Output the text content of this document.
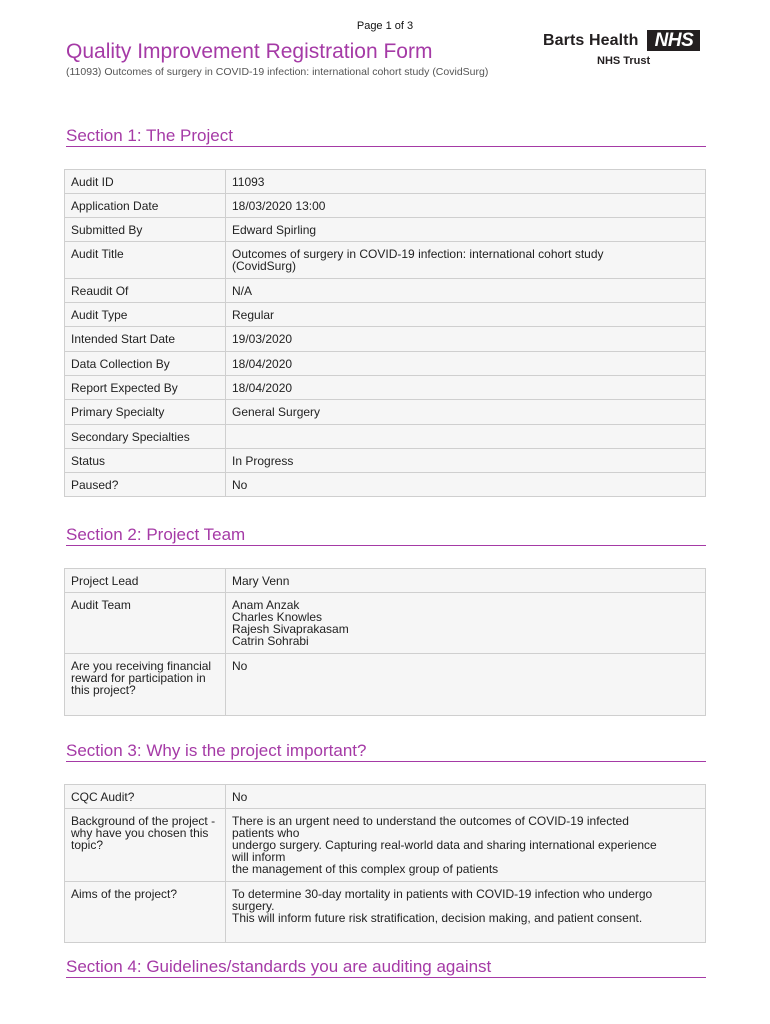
Page 1 of 3
Barts Health NHS
NHS Trust
Quality Improvement Registration Form
(11093) Outcomes of surgery in COVID-19 infection: international cohort study (CovidSurg)
Section 1: The Project
Audit ID	11093

Application Date	18/03/2020 13:00

Submitted By	Edward Spirling

Audit Title	Outcomes of surgery in COVID-19 infection: international cohort study
(CovidSurg)

Reaudit Of	N/A

Audit Type	Regular

Intended Start Date	19/03/2020

Data Collection By	18/04/2020

Report Expected By	18/04/2020

Primary Specialty	General Surgery

Secondary Specialties	

Status	In Progress

Paused?	No
Section 2: Project Team
Project Lead	Mary Venn

Audit Team	Anam Anzak
Charles Knowles
Rajesh Sivaprakasam
Catrin Sohrabi

Are you receiving financial reward for participation in this project?	No
Section 3: Why is the project important?
CQC Audit?	No

Background of the project - why have you chosen this topic?	There is an urgent need to understand the outcomes of COVID-19 infected
patients who
undergo surgery. Capturing real-world data and sharing international experience
will inform
the management of this complex group of patients

Aims of the project?	To determine 30-day mortality in patients with COVID-19 infection who undergo
surgery.
This will inform future risk stratification, decision making, and patient consent.
Section 4: Guidelines/standards you are auditing against
